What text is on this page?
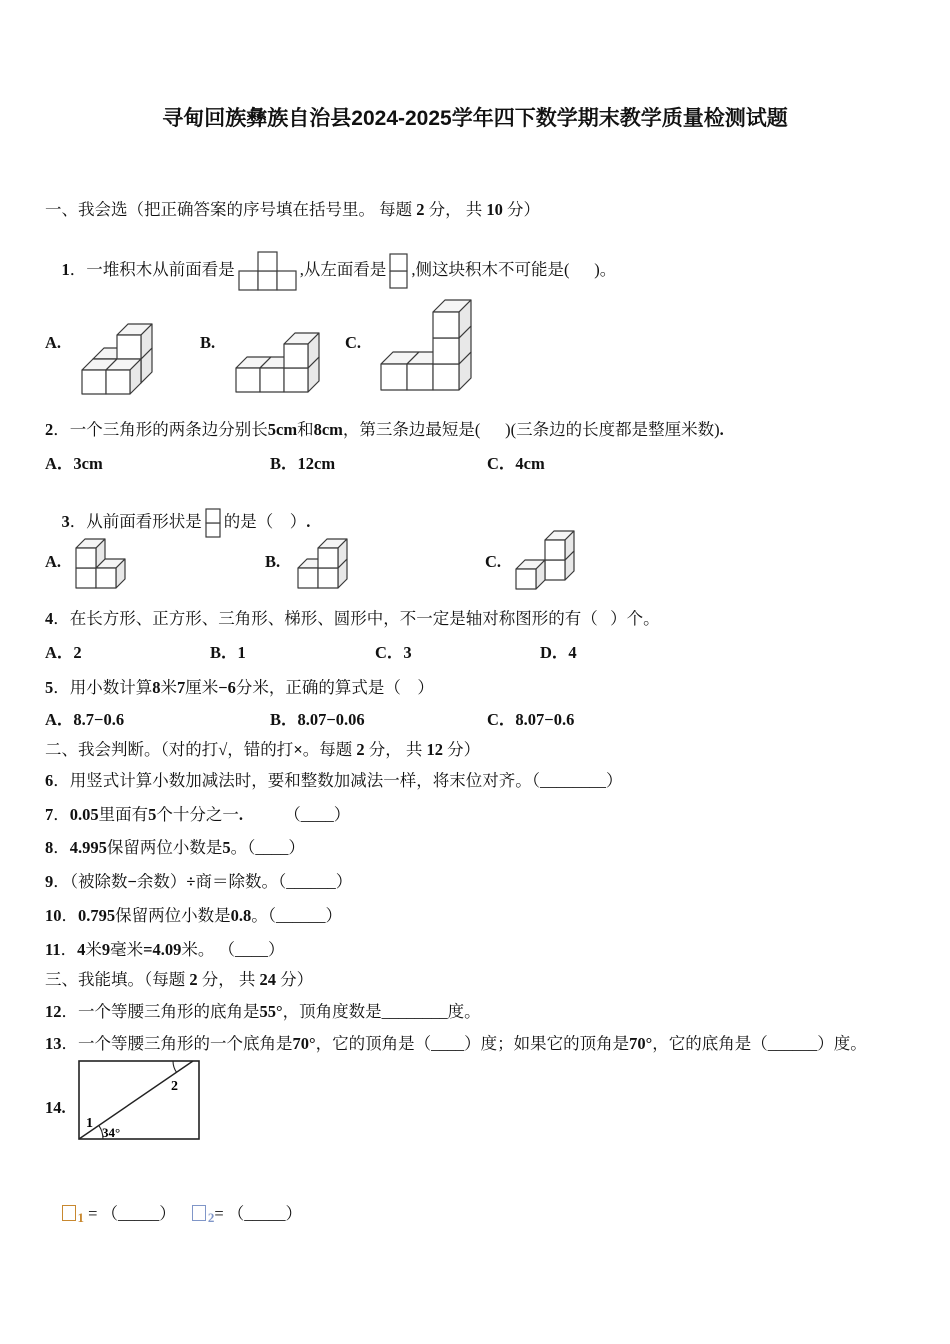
寻甸回族彝族自治县2024-2025学年四下数学期末教学质量检测试题
一、我会选（把正确答案的序号填在括号里。 每题 2 分， 共 10 分）

1．一堆积木从前面看是	,从左面看是 ,侧这块积木不可能是(      )。

A.	B.	C.
2．一个三角形的两条边分别长5cm和8cm，第三条边最短是(      )(三条边的长度都是整厘米数).
A．3cm	B．12cm	C．4cm

3．从前面看形状是 的是（    ）.

A.	B.	C.
4．在长方形、正方形、三角形、梯形、圆形中，不一定是轴对称图形的有（   ）个。
A．2	B．1	C．3	D．4
5．用小数计算8米7厘米−6分米，正确的算式是（    ）
A．8.7−0.6	B．8.07−0.06	C．8.07−0.6
二、我会判断。（对的打√，错的打×。每题 2 分， 共 12 分）
6．用竖式计算小数加减法时，要和整数加减法一样，将末位对齐。（________）
7．0.05里面有5个十分之一.          （____）
8．4.995保留两位小数是5。（____）
9．（被除数−余数）÷商＝除数。（______）
10．0.795保留两位小数是0.8。（______）
11．4米9毫米=4.09米。 （____）
三、我能填。（每题 2 分， 共 24 分）
12．一个等腰三角形的底角是55°，顶角度数是________度。
13．一个等腰三角形的一个底角是70°，它的顶角是（____）度；如果它的顶角是70°，它的底角是（______）度。
14.
1
2
34°

1 = （_____） 2= （_____）
